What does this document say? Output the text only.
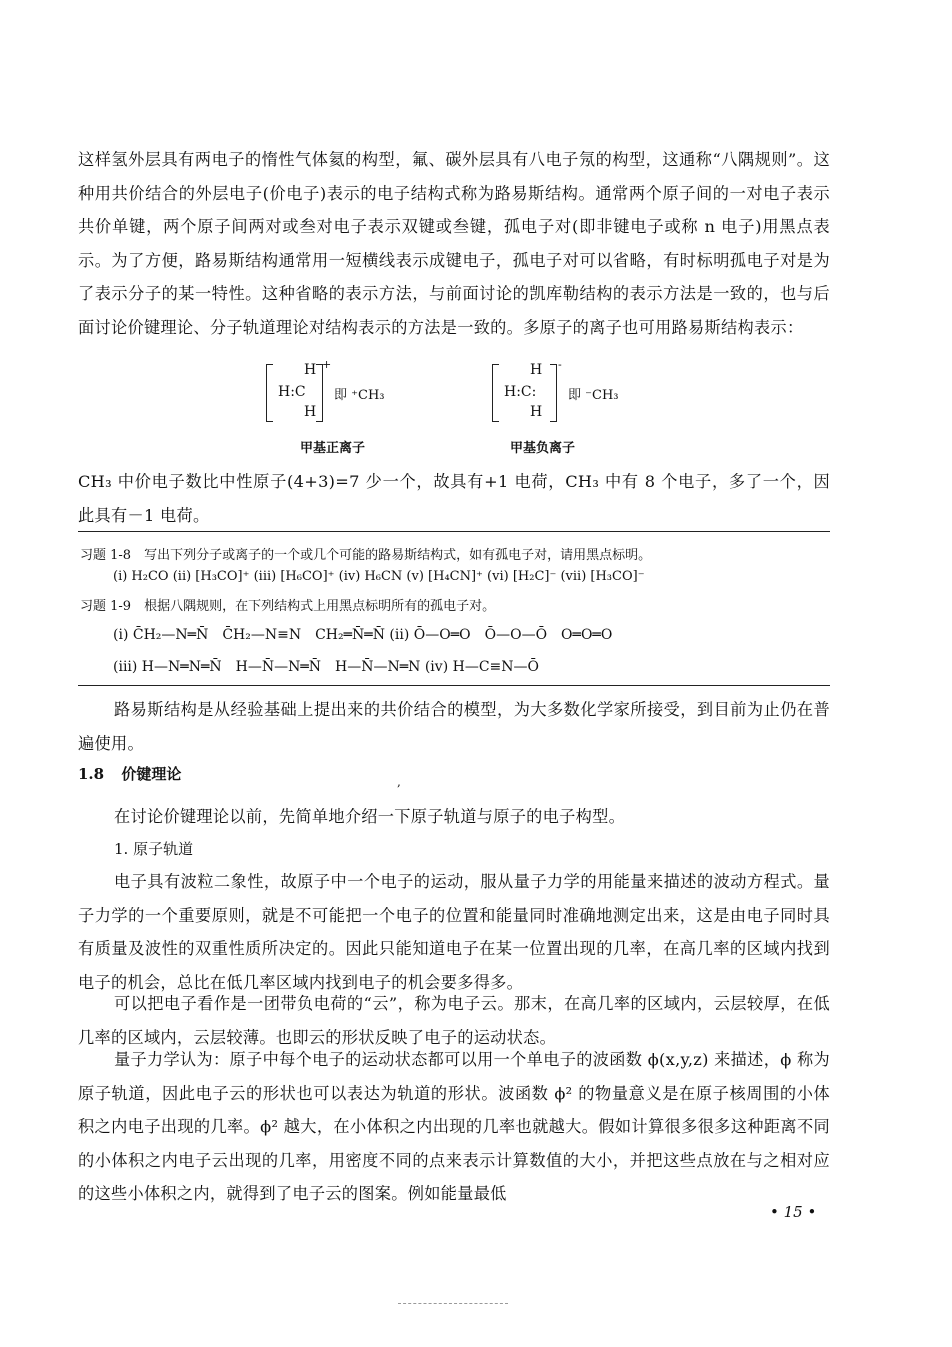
这样氢外层具有两电子的惰性气体氦的构型，氟、碳外层具有八电子氖的构型，这通称“八隅规则”。这种用共价结合的外层电子(价电子)表示的电子结构式称为路易斯结构。通常两个原子间的一对电子表示共价单键，两个原子间两对或叁对电子表示双键或叁键，孤电子对(即非键电子或称 n 电子)用黑点表示。为了方便，路易斯结构通常用一短横线表示成键电子，孤电子对可以省略，有时标明孤电子对是为了表示分子的某一特性。这种省略的表示方法，与前面讨论的凯库勒结构的表示方法是一致的，也与后面讨论价键理论、分子轨道理论对结构表示的方法是一致的。多原子的离子也可用路易斯结构表示：

H +
H:C
H
即 ⁺CH₃
甲基正离子
H -
H:C:
H
即 ⁻CH₃
甲基负离子

CH₃ 中价电子数比中性原子(4+3)=7 少一个，故具有+1 电荷，CH₃ 中有 8 个电子，多了一个，因此具有－1 电荷。

习题 1-8　写出下列分子或离子的一个或几个可能的路易斯结构式，如有孤电子对，请用黑点标明。
(i) H₂CO (ii) [H₃CO]⁺ (iii) [H₆CO]⁺ (iv) H₆CN (v) [H₄CN]⁺ (vi) [H₂C]⁻ (vii) [H₃CO]⁻
习题 1-9　根据八隅规则，在下列结构式上用黑点标明所有的孤电子对。
(i) C̄H₂—N═N̄　C̄H₂—N≡N　CH₂═N̄═N̄ (ii) Ō—O═O　Ō—O—Ō　O═O═O
(iii) H—N═N═N̄　H—N̄—N═N̄　H—N̄—N═N (iv) H—C≡N—Ō

路易斯结构是从经验基础上提出来的共价结合的模型，为大多数化学家所接受，到目前为止仍在普遍使用。

1.8 价键理论	,

在讨论价键理论以前，先简单地介绍一下原子轨道与原子的电子构型。

1. 原子轨道

电子具有波粒二象性，故原子中一个电子的运动，服从量子力学的用能量来描述的波动方程式。量子力学的一个重要原则，就是不可能把一个电子的位置和能量同时准确地测定出来，这是由电子同时具有质量及波性的双重性质所决定的。因此只能知道电子在某一位置出现的几率，在高几率的区域内找到电子的机会，总比在低几率区域内找到电子的机会要多得多。

可以把电子看作是一团带负电荷的“云”，称为电子云。那末，在高几率的区域内，云层较厚，在低几率的区域内，云层较薄。也即云的形状反映了电子的运动状态。

量子力学认为：原子中每个电子的运动状态都可以用一个单电子的波函数 ϕ(x,y,z) 来描述，ϕ 称为原子轨道，因此电子云的形状也可以表达为轨道的形状。波函数 ϕ² 的物量意义是在原子核周围的小体积之内电子出现的几率。ϕ² 越大，在小体积之内出现的几率也就越大。假如计算很多很多这种距离不同的小体积之内电子云出现的几率，用密度不同的点来表示计算数值的大小，并把这些点放在与之相对应的这些小体积之内，就得到了电子云的图案。例如能量最低

• 15 •
